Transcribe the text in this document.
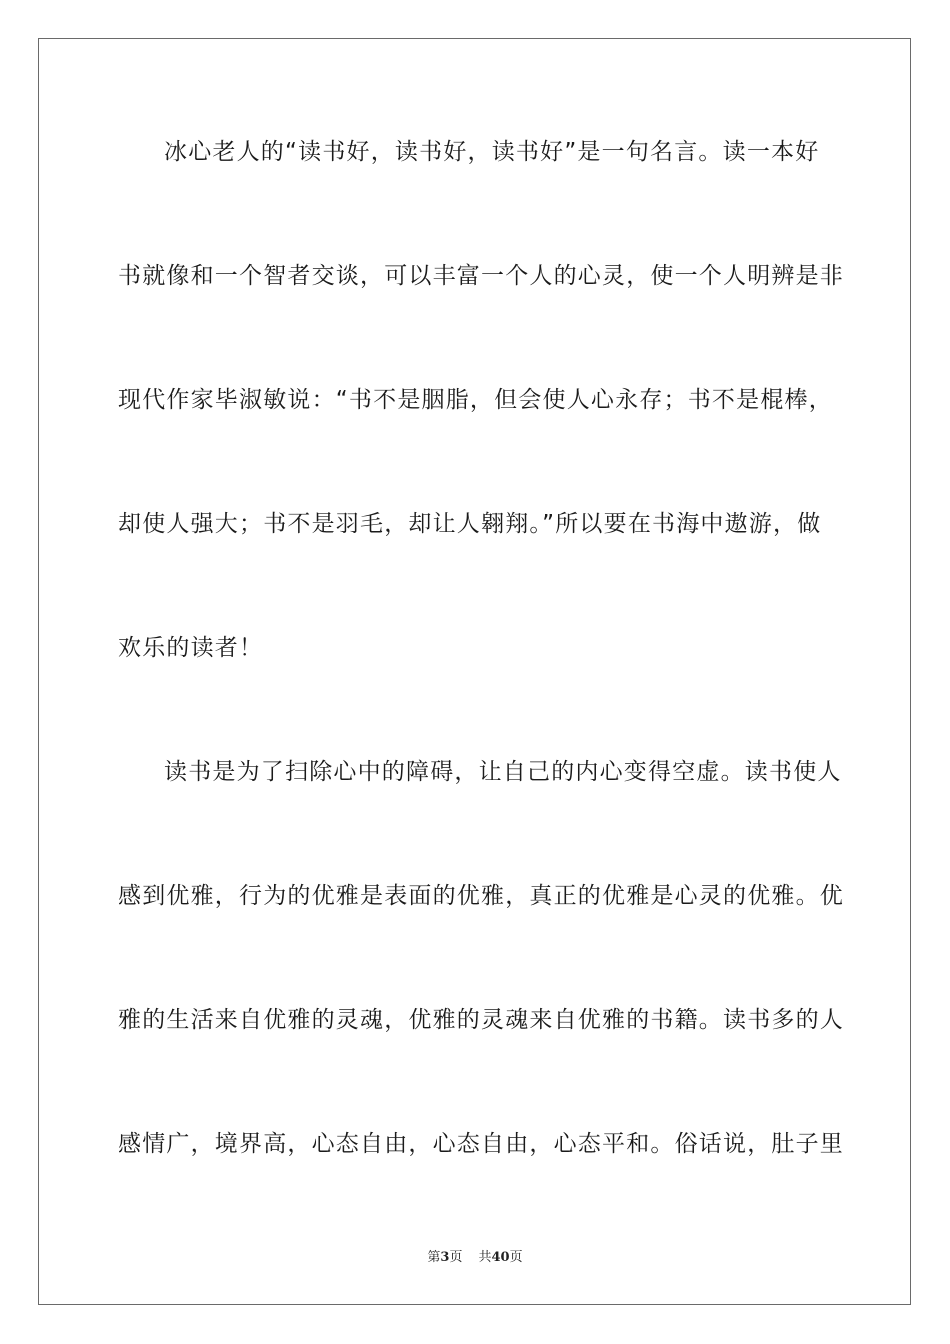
冰心老人的“读书好，读书好，读书好”是一句名言。读一本好
书就像和一个智者交谈，可以丰富一个人的心灵，使一个人明辨是非
现代作家毕淑敏说：“书不是胭脂，但会使人心永存；书不是棍棒，
却使人强大；书不是羽毛，却让人翱翔。”所以要在书海中遨游，做
欢乐的读者！
读书是为了扫除心中的障碍，让自己的内心变得空虚。读书使人
感到优雅，行为的优雅是表面的优雅，真正的优雅是心灵的优雅。优
雅的生活来自优雅的灵魂，优雅的灵魂来自优雅的书籍。读书多的人
感情广，境界高，心态自由，心态自由，心态平和。俗话说，肚子里
第3页 共40页
